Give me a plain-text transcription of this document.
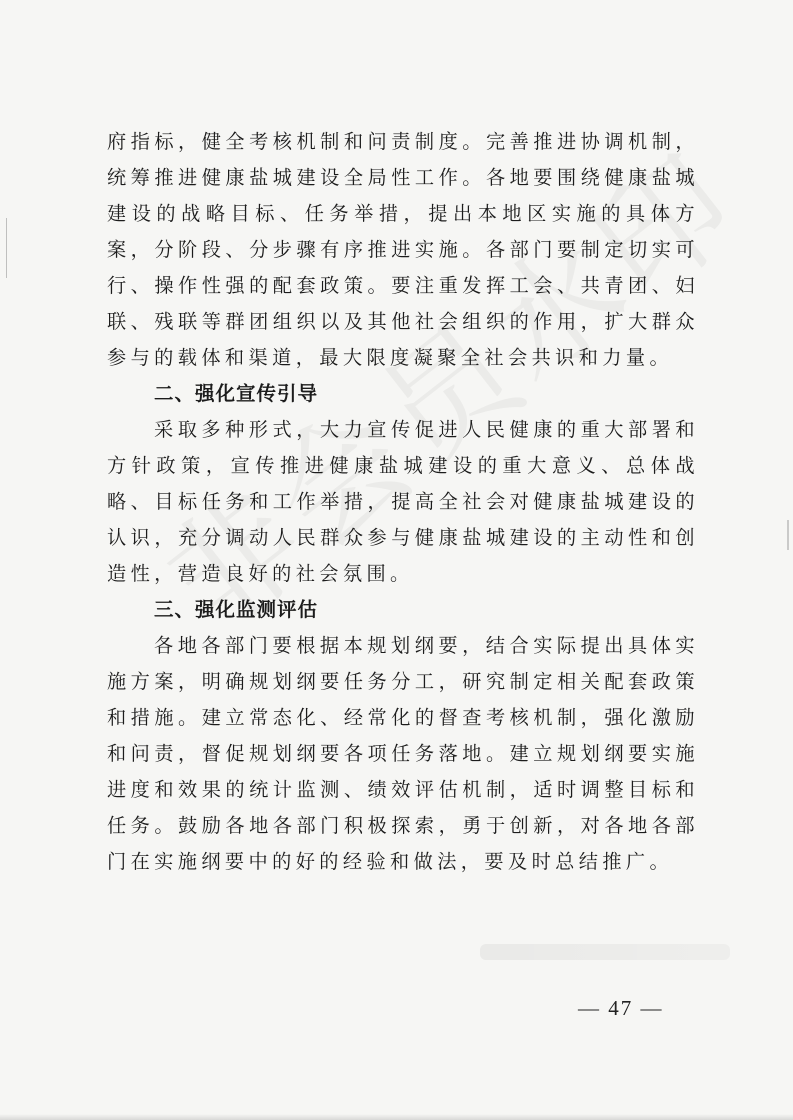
府指标，健全考核机制和问责制度。完善推进协调机制，统筹推进健康盐城建设全局性工作。各地要围绕健康盐城建设的战略目标、任务举措，提出本地区实施的具体方案，分阶段、分步骤有序推进实施。各部门要制定切实可行、操作性强的配套政策。要注重发挥工会、共青团、妇联、残联等群团组织以及其他社会组织的作用，扩大群众参与的载体和渠道，最大限度凝聚全社会共识和力量。

二、强化宣传引导

采取多种形式，大力宣传促进人民健康的重大部署和方针政策，宣传推进健康盐城建设的重大意义、总体战略、目标任务和工作举措，提高全社会对健康盐城建设的认识，充分调动人民群众参与健康盐城建设的主动性和创造性，营造良好的社会氛围。

三、强化监测评估

各地各部门要根据本规划纲要，结合实际提出具体实施方案，明确规划纲要任务分工，研究制定相关配套政策和措施。建立常态化、经常化的督查考核机制，强化激励和问责，督促规划纲要各项任务落地。建立规划纲要实施进度和效果的统计监测、绩效评估机制，适时调整目标和任务。鼓励各地各部门积极探索，勇于创新，对各地各部门在实施纲要中的好的经验和做法，要及时总结推广。

— 47 —
